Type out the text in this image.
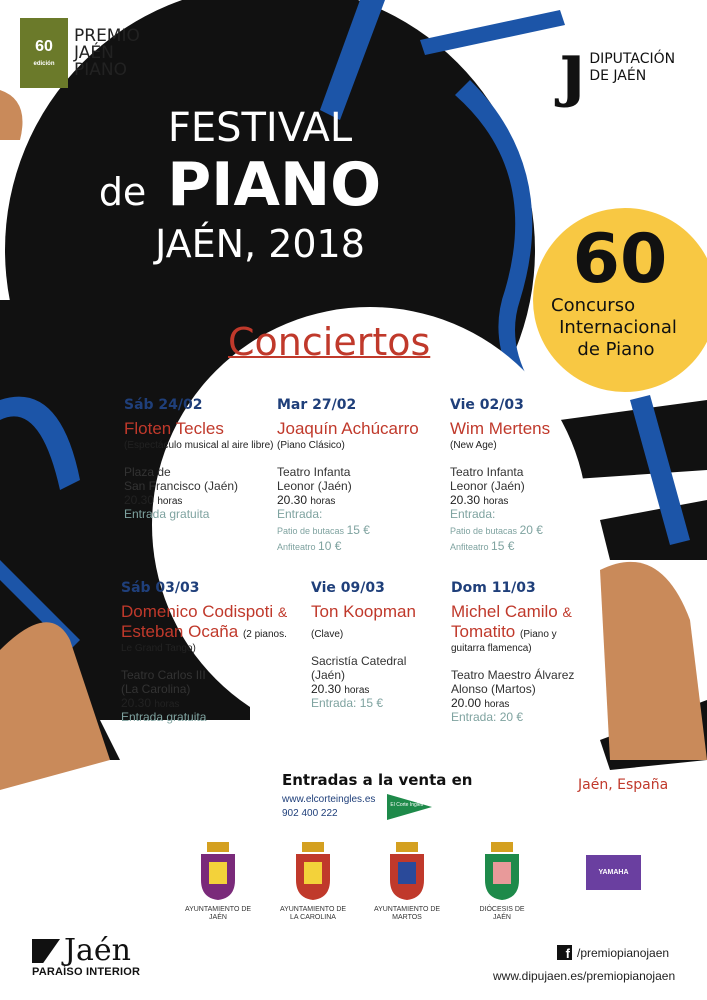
60
edición
PREMIO
JAÉN
PIANO	ȷ DIPUTACIÓN
DE JAÉN
FESTIVAL
de PIANO
JAÉN, 2018	60
Concurso
Internacional
de Piano
Conciertos
Sáb 24/02
Floten Tecles
(Espectáculo musical al aire libre)
Plaza de
San Francisco (Jaén)
20.30 horas
Entrada gratuita
Mar 27/02
Joaquín Achúcarro
(Piano Clásico)
Teatro Infanta
Leonor (Jaén)
20.30 horas
Entrada:
Patio de butacas 15 €
Anfiteatro 10 €
Vie 02/03
Wim Mertens
(New Age)
Teatro Infanta
Leonor (Jaén)
20.30 horas
Entrada:
Patio de butacas 20 €
Anfiteatro 15 €
Sáb 03/03
Domenico Codispoti &
Esteban Ocaña (2 pianos.
Le Grand Tango)
Teatro Carlos III
(La Carolina)
20.30 horas
Entrada gratuita
Vie 09/03
Ton Koopman
(Clave)
Sacristía Catedral
(Jaén)
20.30 horas
Entrada: 15 €
Dom 11/03
Michel Camilo &
Tomatito (Piano y
guitarra flamenca)
Teatro Maestro Álvarez
Alonso (Martos)
20.00 horas
Entrada: 20 €
Entradas a la venta en
www.elcorteingles.es
902 400 222
El Corte Inglés
Jaén, España
AYUNTAMIENTO DE
JAÉN
AYUNTAMIENTO DE
LA CAROLINA
AYUNTAMIENTO DE
MARTOS
DIÓCESIS DE
JAÉN
YAMAHA
Jaén
PARAÍSO INTERIOR
f /premiopianojaen
www.dipujaen.es/premiopianojaen
